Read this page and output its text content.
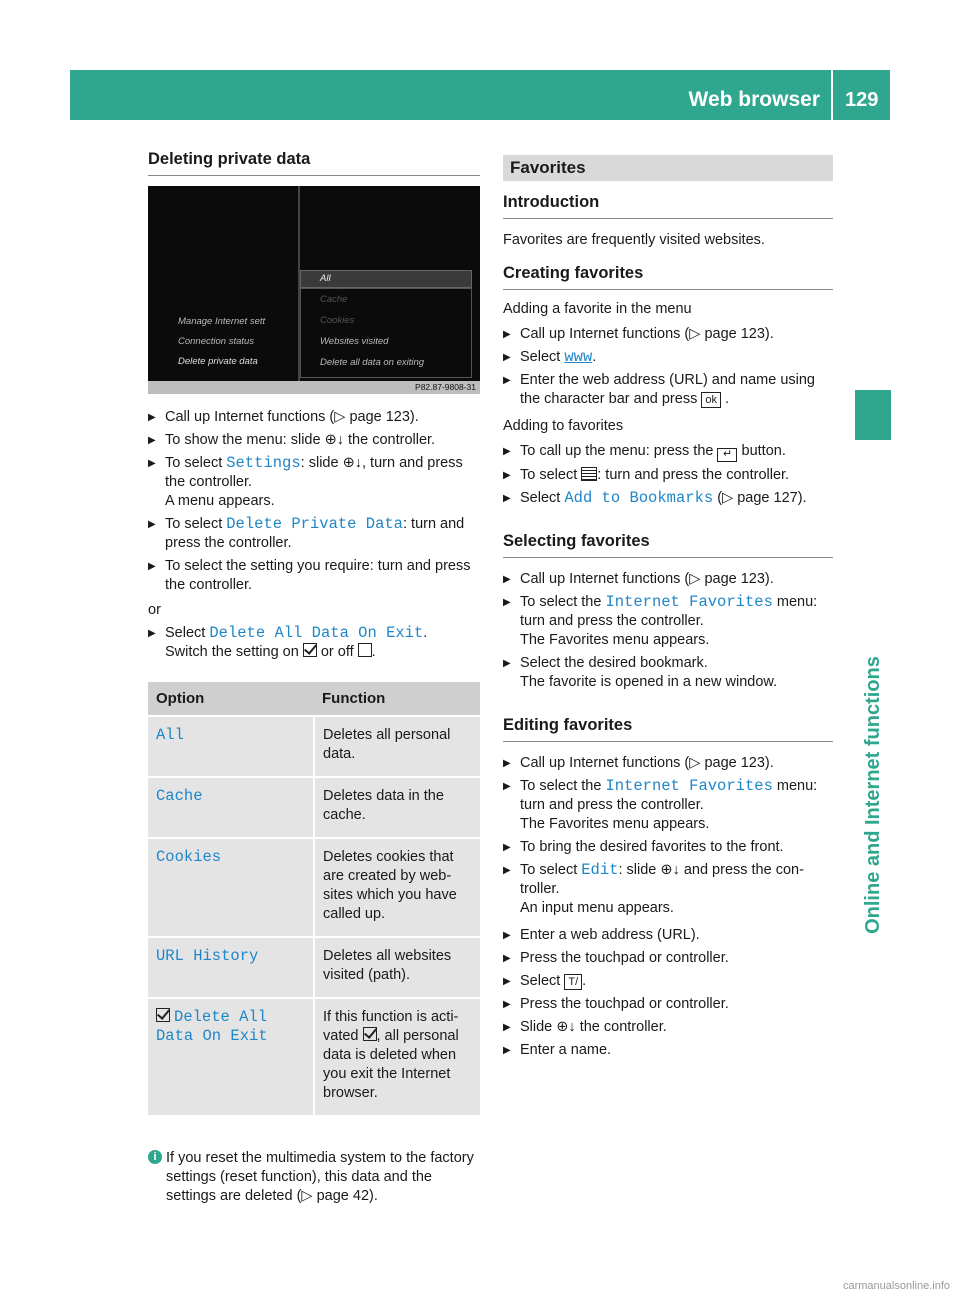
Web browser 129
Online and Internet functions
Deleting private data
Manage Internet sett
Connection status
Delete private data
All
Cache
Cookies
Websites visited
Delete all data on exiting
P82.87-9808-31
▶ Call up Internet functions (▷ page 123).
▶ To show the menu: slide ⊕↓ the controller.
▶ To select Settings: slide ⊕↓, turn and press the controller.
A menu appears.
▶ To select Delete Private Data: turn and press the controller.
▶ To select the setting you require: turn and press the controller.
or
▶ Select Delete All Data On Exit.
Switch the setting on  or off .
Option	Function
All	Deletes all personal data.
Cache	Deletes data in the cache.
Cookies	Deletes cookies that are created by web-sites which you have called up.
URL History	Deletes all websites visited (path).
Delete All Data On Exit	If this function is acti-vated , all personal data is deleted when you exit the Internet browser.
i If you reset the multimedia system to the factory settings (reset function), this data and the settings are deleted (▷ page 42).
Favorites
Introduction

Favorites are frequently visited websites.

Creating favorites

Adding a favorite in the menu

▶ Call up Internet functions (▷ page 123).
▶ Select www.
▶ Enter the web address (URL) and name using the character bar and press ok .

Adding to favorites

▶ To call up the menu: press the ↵ button.
▶ To select : turn and press the controller.
▶ Select Add to Bookmarks (▷ page 127).
Selecting favorites
▶ Call up Internet functions (▷ page 123).
▶ To select the Internet Favorites menu: turn and press the controller.
The Favorites menu appears.
▶ Select the desired bookmark.
The favorite is opened in a new window.
Editing favorites
▶ Call up Internet functions (▷ page 123).
▶ To select the Internet Favorites menu: turn and press the controller.
The Favorites menu appears.
▶ To bring the desired favorites to the front.
▶ To select Edit: slide ⊕↓ and press the con-troller.
An input menu appears.
▶ Enter a web address (URL).
▶ Press the touchpad or controller.
▶ Select T/ .
▶ Press the touchpad or controller.
▶ Slide ⊕↓ the controller.
▶ Enter a name.
carmanualsonline.info
